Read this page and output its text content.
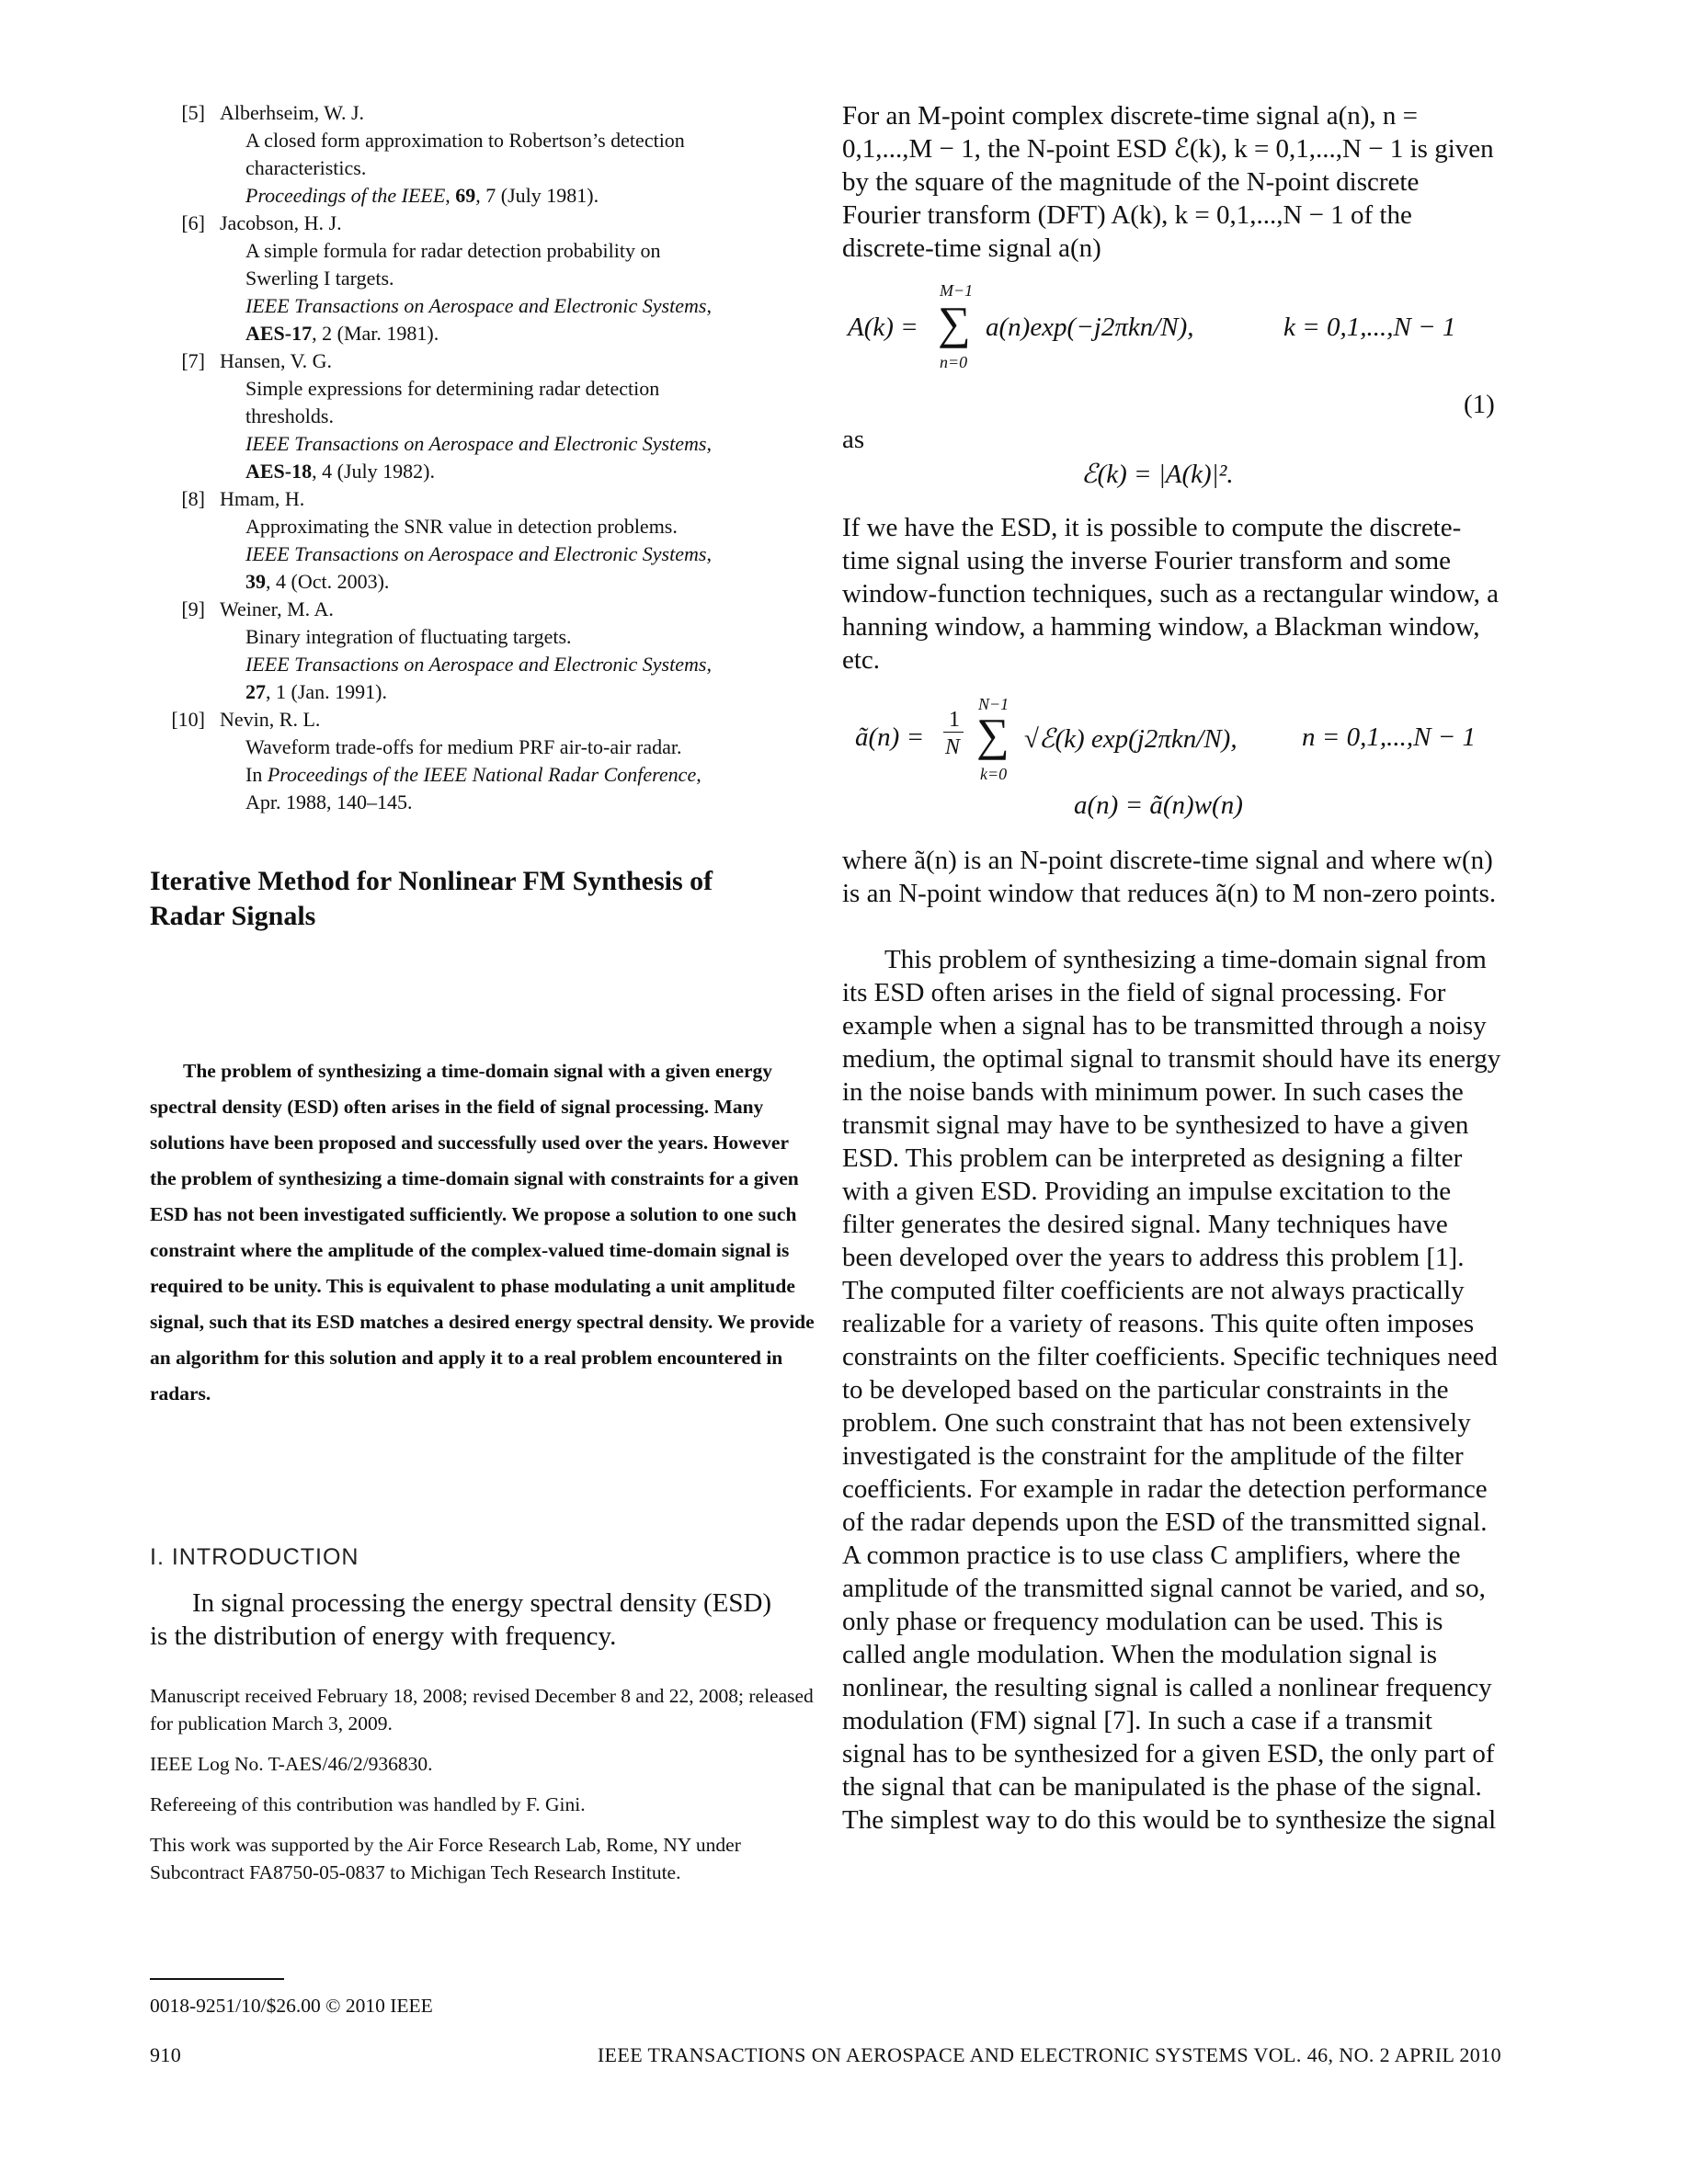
[5] Alberhseim, W. J.
A closed form approximation to Robertson’s detection
characteristics.
Proceedings of the IEEE, 69, 7 (July 1981).
[6] Jacobson, H. J.
A simple formula for radar detection probability on
Swerling I targets.
IEEE Transactions on Aerospace and Electronic Systems,
AES-17, 2 (Mar. 1981).
[7] Hansen, V. G.
Simple expressions for determining radar detection
thresholds.
IEEE Transactions on Aerospace and Electronic Systems,
AES-18, 4 (July 1982).
[8] Hmam, H.
Approximating the SNR value in detection problems.
IEEE Transactions on Aerospace and Electronic Systems,
39, 4 (Oct. 2003).
[9] Weiner, M. A.
Binary integration of fluctuating targets.
IEEE Transactions on Aerospace and Electronic Systems,
27, 1 (Jan. 1991).
[10] Nevin, R. L.
Waveform trade-offs for medium PRF air-to-air radar.
In Proceedings of the IEEE National Radar Conference,
Apr. 1988, 140–145.
Iterative Method for Nonlinear FM Synthesis of Radar Signals
The problem of synthesizing a time-domain signal with a given energy spectral density (ESD) often arises in the field of signal processing. Many solutions have been proposed and successfully used over the years. However the problem of synthesizing a time-domain signal with constraints for a given ESD has not been investigated sufficiently. We propose a solution to one such constraint where the amplitude of the complex-valued time-domain signal is required to be unity. This is equivalent to phase modulating a unit amplitude signal, such that its ESD matches a desired energy spectral density. We provide an algorithm for this solution and apply it to a real problem encountered in radars.
I. INTRODUCTION
In signal processing the energy spectral density (ESD) is the distribution of energy with frequency.

Manuscript received February 18, 2008; revised December 8 and 22, 2008; released for publication March 3, 2009.

IEEE Log No. T-AES/46/2/936830.

Refereeing of this contribution was handled by F. Gini.

This work was supported by the Air Force Research Lab, Rome, NY under Subcontract FA8750-05-0837 to Michigan Tech Research Institute.

0018-9251/10/$26.00 © 2010 IEEE
For an M-point complex discrete-time signal a(n), n = 0,1,...,M − 1, the N-point ESD ℰ(k), k = 0,1,...,N − 1 is given by the square of the magnitude of the N-point discrete Fourier transform (DFT) A(k), k = 0,1,...,N − 1 of the discrete-time signal a(n)
A(k) =
M−1
∑
n=0
a(n)exp(−j2πkn/N),	k = 0,1,...,N − 1
(1)
as
ℰ(k) = |A(k)|².
If we have the ESD, it is possible to compute the discrete-time signal using the inverse Fourier transform and some window-function techniques, such as a rectangular window, a hanning window, a hamming window, a Blackman window, etc.
ã(n) =
1
N
N−1
∑
k=0
√ℰ(k) exp(j2πkn/N), n = 0,1,...,N − 1
a(n) = ã(n)w(n)
where ã(n) is an N-point discrete-time signal and where w(n) is an N-point window that reduces ã(n) to M non-zero points.
This problem of synthesizing a time-domain signal from its ESD often arises in the field of signal processing. For example when a signal has to be transmitted through a noisy medium, the optimal signal to transmit should have its energy in the noise bands with minimum power. In such cases the transmit signal may have to be synthesized to have a given ESD. This problem can be interpreted as designing a filter with a given ESD. Providing an impulse excitation to the filter generates the desired signal. Many techniques have been developed over the years to address this problem [1]. The computed filter coefficients are not always practically realizable for a variety of reasons. This quite often imposes constraints on the filter coefficients. Specific techniques need to be developed based on the particular constraints in the problem. One such constraint that has not been extensively investigated is the constraint for the amplitude of the filter coefficients. For example in radar the detection performance of the radar depends upon the ESD of the transmitted signal. A common practice is to use class C amplifiers, where the amplitude of the transmitted signal cannot be varied, and so, only phase or frequency modulation can be used. This is called angle modulation. When the modulation signal is nonlinear, the resulting signal is called a nonlinear frequency modulation (FM) signal [7]. In such a case if a transmit signal has to be synthesized for a given ESD, the only part of the signal that can be manipulated is the phase of the signal. The simplest way to do this would be to synthesize the signal
910	IEEE TRANSACTIONS ON AEROSPACE AND ELECTRONIC SYSTEMS VOL. 46, NO. 2 APRIL 2010
